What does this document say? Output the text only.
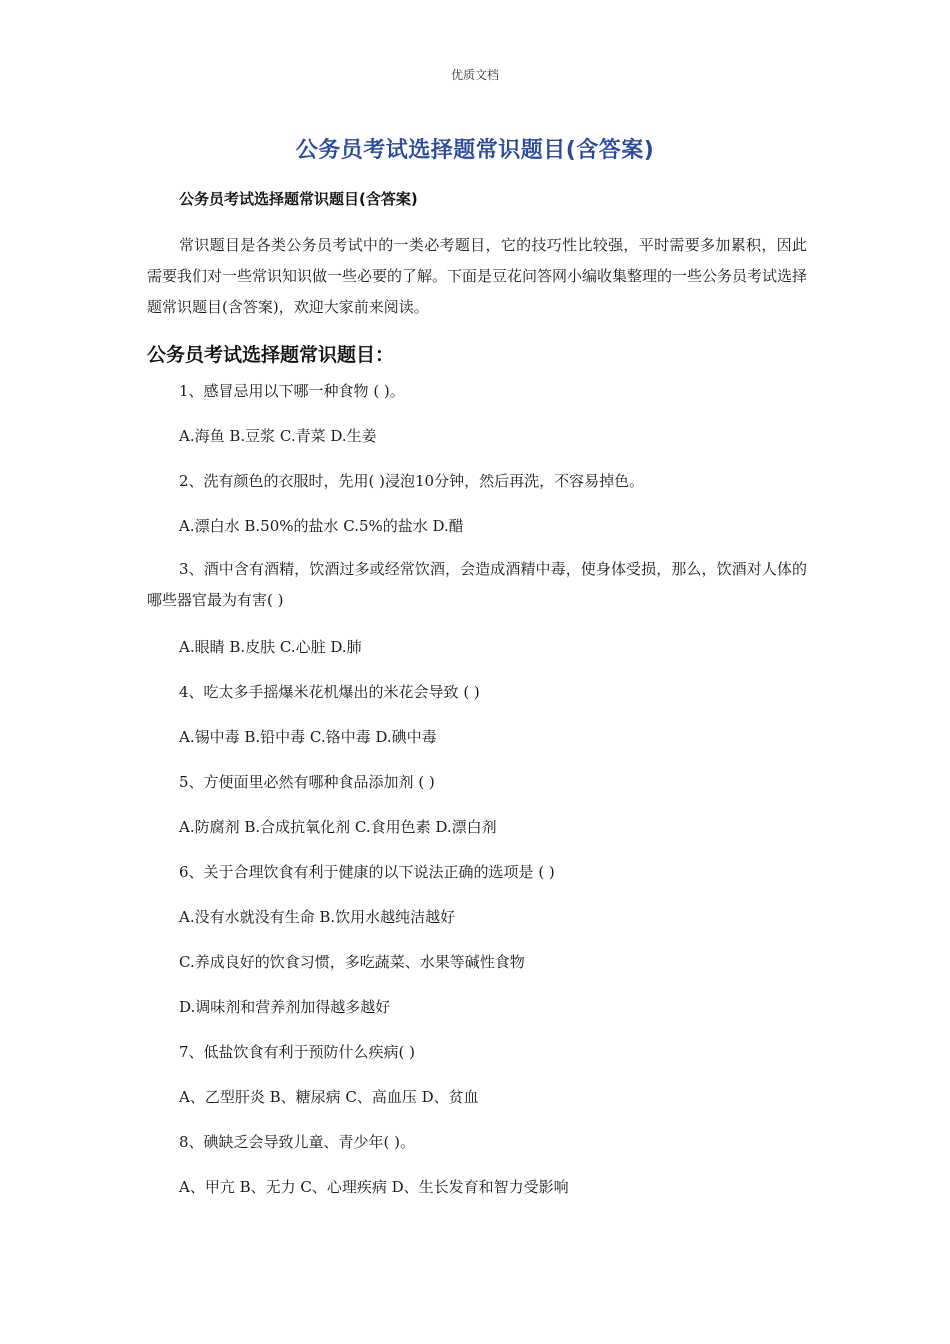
优质文档
公务员考试选择题常识题目(含答案)
公务员考试选择题常识题目(含答案)
常识题目是各类公务员考试中的一类必考题目，它的技巧性比较强，平时需要多加累积，因此需要我们对一些常识知识做一些必要的了解。下面是豆花问答网小编收集整理的一些公务员考试选择题常识题目(含答案)，欢迎大家前来阅读。
公务员考试选择题常识题目：
1、感冒忌用以下哪一种食物 ( )。
A.海鱼 B.豆浆 C.青菜 D.生姜
2、洗有颜色的衣服时，先用( )浸泡10分钟，然后再洗，不容易掉色。
A.漂白水 B.50%的盐水 C.5%的盐水 D.醋
3、酒中含有酒精，饮酒过多或经常饮酒，会造成酒精中毒，使身体受损，那么，饮酒对人体的哪些器官最为有害( )
A.眼睛 B.皮肤 C.心脏 D.肺
4、吃太多手摇爆米花机爆出的米花会导致 ( )
A.锡中毒 B.铅中毒 C.铬中毒 D.碘中毒
5、方便面里必然有哪种食品添加剂 ( )
A.防腐剂 B.合成抗氧化剂 C.食用色素 D.漂白剂
6、关于合理饮食有利于健康的以下说法正确的选项是 ( )
A.没有水就没有生命 B.饮用水越纯洁越好
C.养成良好的饮食习惯，多吃蔬菜、水果等碱性食物
D.调味剂和营养剂加得越多越好
7、低盐饮食有利于预防什么疾病( )
A、乙型肝炎 B、糖尿病 C、高血压 D、贫血
8、碘缺乏会导致儿童、青少年( )。
A、甲亢 B、无力 C、心理疾病 D、生长发育和智力受影响
